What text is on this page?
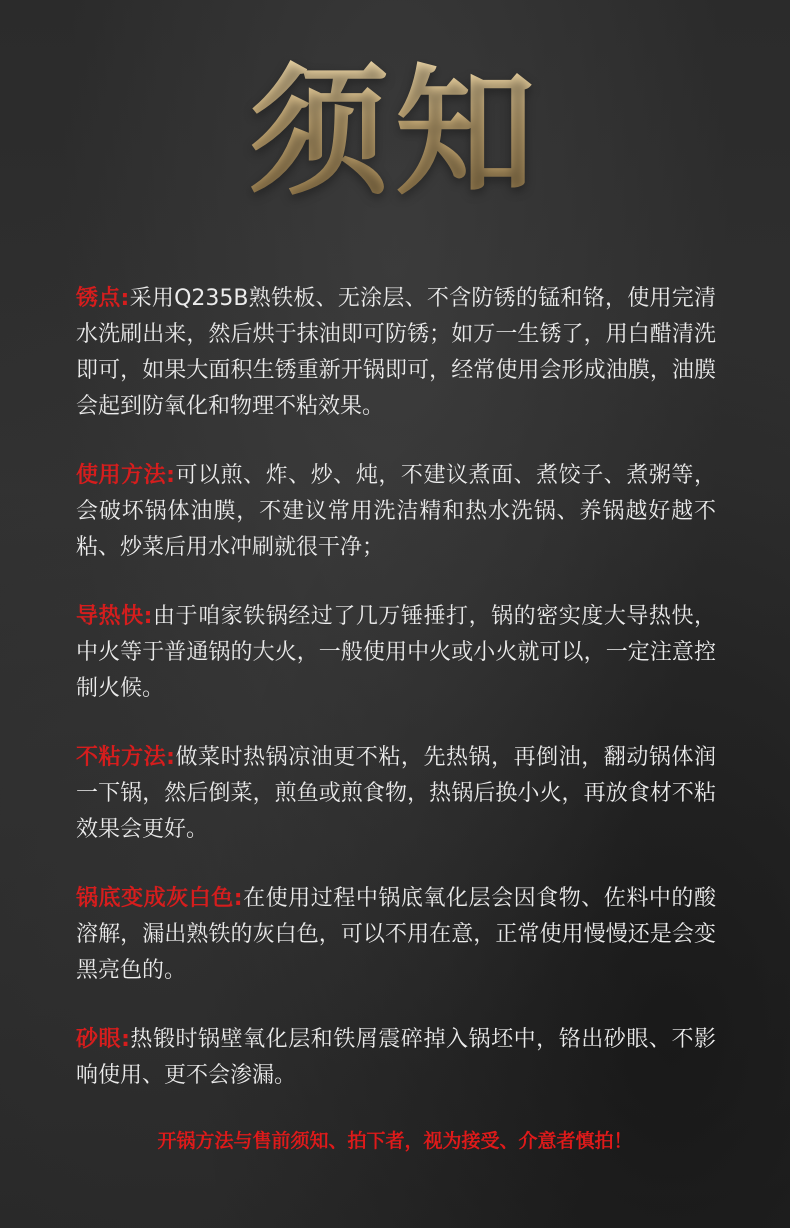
须知

锈点:采用Q235B熟铁板、无涂层、不含防锈的锰和铬，使用完清水洗刷出来，然后烘于抹油即可防锈；如万一生锈了，用白醋清洗即可，如果大面积生锈重新开锅即可，经常使用会形成油膜，油膜会起到防氧化和物理不粘效果。

使用方法:可以煎、炸、炒、炖，不建议煮面、煮饺子、煮粥等，会破坏锅体油膜，不建议常用洗洁精和热水洗锅、养锅越好越不粘、炒菜后用水冲刷就很干净；

导热快:由于咱家铁锅经过了几万锤捶打，锅的密实度大导热快，中火等于普通锅的大火，一般使用中火或小火就可以，一定注意控制火候。

不粘方法:做菜时热锅凉油更不粘，先热锅，再倒油，翻动锅体润一下锅，然后倒菜，煎鱼或煎食物，热锅后换小火，再放食材不粘效果会更好。

锅底变成灰白色:在使用过程中锅底氧化层会因食物、佐料中的酸溶解，漏出熟铁的灰白色，可以不用在意，正常使用慢慢还是会变黑亮色的。

砂眼:热锻时锅壁氧化层和铁屑震碎掉入锅坯中，铬出砂眼、不影响使用、更不会渗漏。

开锅方法与售前须知、拍下者，视为接受、介意者慎拍！
